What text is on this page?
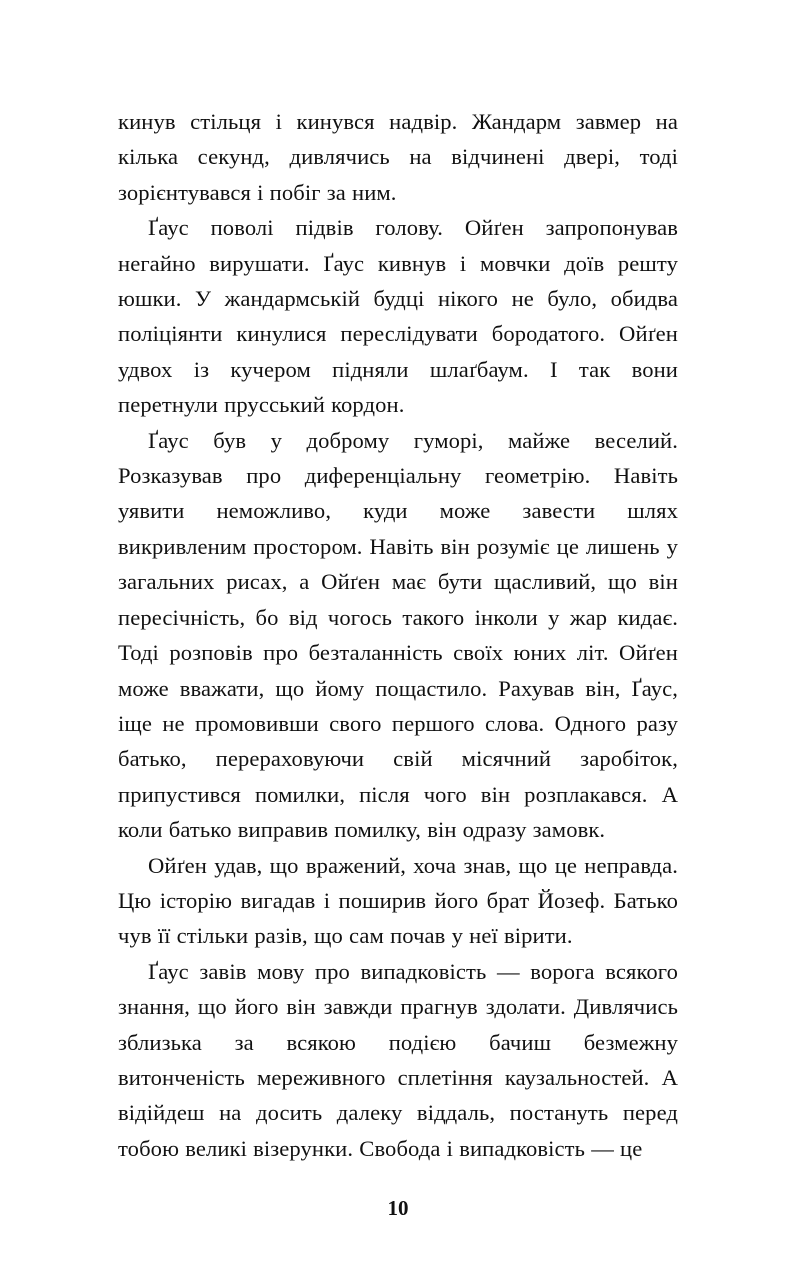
кинув стільця і кинувся надвір. Жандарм завмер на кілька секунд, дивлячись на відчинені двері, тоді зорієнтувався і побіг за ним.

Ґаус поволі підвів голову. Ойґен запропонував негайно вирушати. Ґаус кивнув і мовчки доїв решту юшки. У жандармській будці нікого не було, обидва поліціянти кинулися переслідувати бородатого. Ойґен удвох із кучером підняли шлаґбаум. І так вони перетнули прусський кордон.

Ґаус був у доброму гуморі, майже веселий. Розказував про диференціальну геометрію. Навіть уявити неможливо, куди може завести шлях викривленим простором. Навіть він розуміє це лишень у загальних рисах, а Ойґен має бути щасливий, що він пересічність, бо від чогось такого інколи у жар кидає. Тоді розповів про безталанність своїх юних літ. Ойґен може вважати, що йому пощастило. Рахував він, Ґаус, іще не промовивши свого першого слова. Одного разу батько, перераховуючи свій місячний заробіток, припустився помилки, після чого він розплакався. А коли батько виправив помилку, він одразу замовк.

Ойґен удав, що вражений, хоча знав, що це неправда. Цю історію вигадав і поширив його брат Йозеф. Батько чув її стільки разів, що сам почав у неї вірити.

Ґаус завів мову про випадковість — ворога всякого знання, що його він завжди прагнув здолати. Дивлячись зблизька за всякою подією бачиш безмежну витонченість мереживного сплетіння каузальностей. А відійдеш на досить далеку віддаль, постануть перед тобою великі візерунки. Свобода і випадковість — це

10
